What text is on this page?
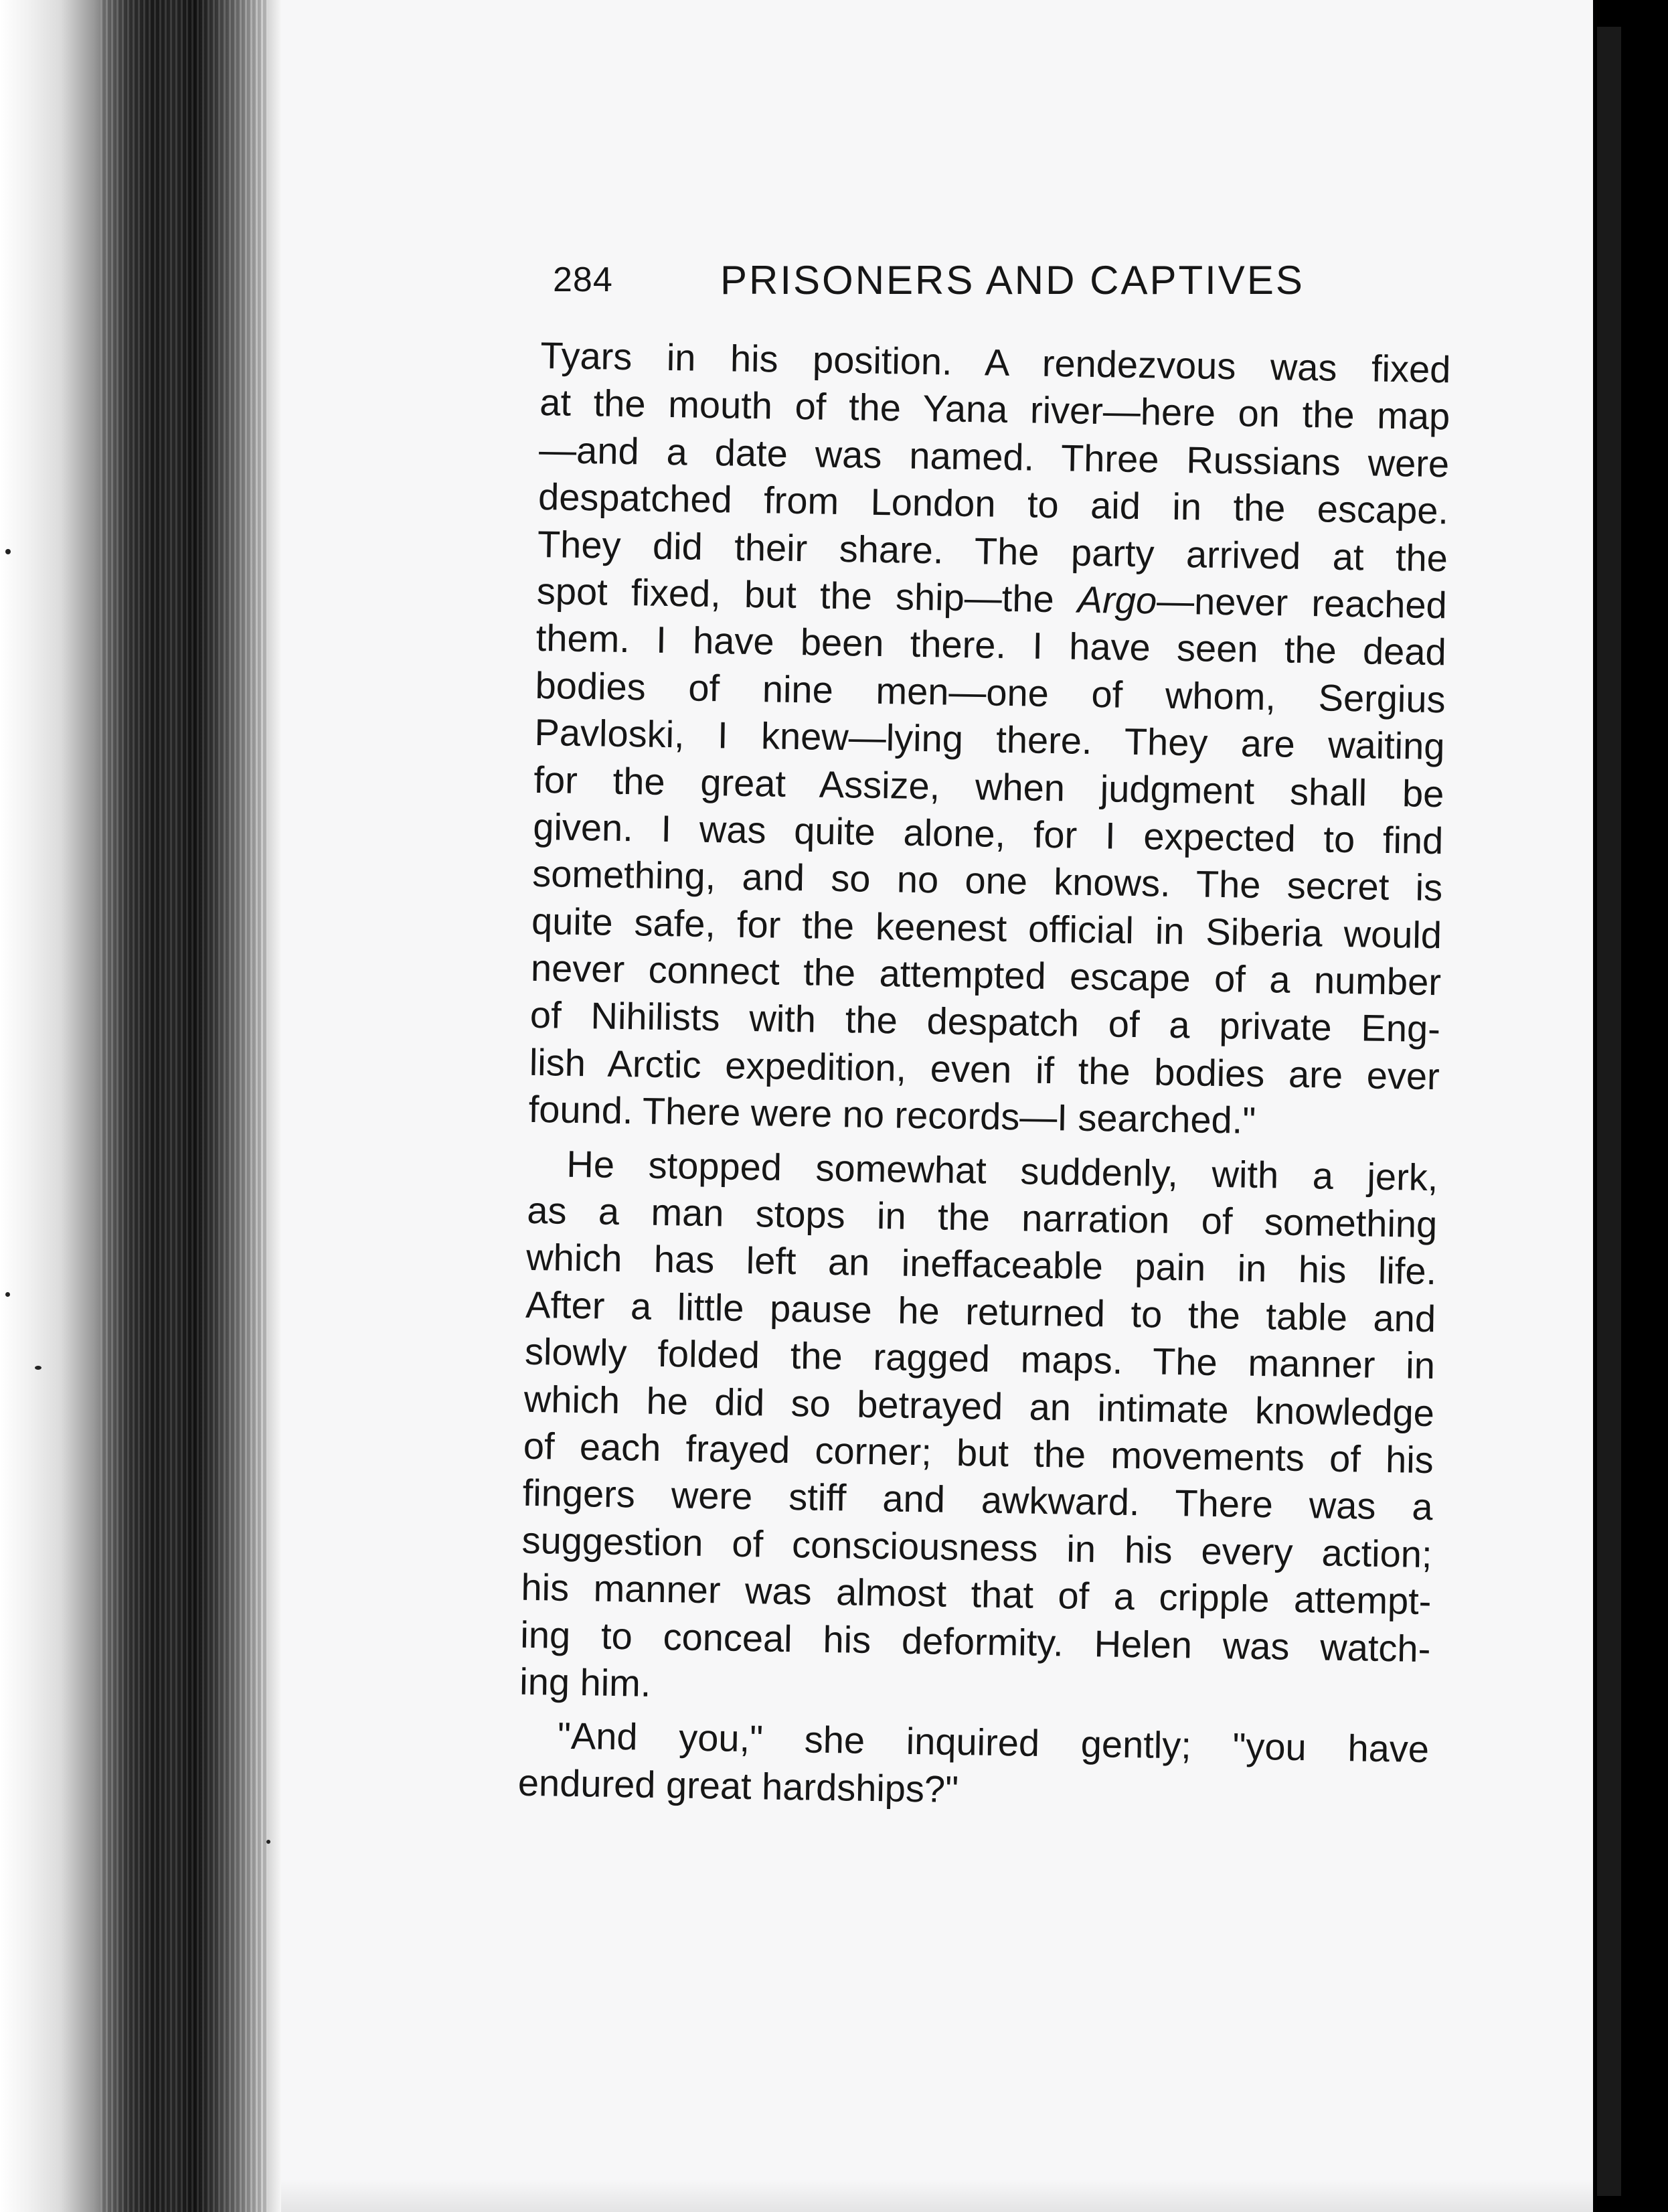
284	PRISONERS AND CAPTIVES
Tyars in his position. A rendezvous was fixed
at the mouth of the Yana river—here on the map
—and a date was named. Three Russians were
despatched from London to aid in the escape.
They did their share. The party arrived at the
spot fixed, but the ship—the Argo—never reached
them. I have been there. I have seen the dead
bodies of nine men—one of whom, Sergius
Pavloski, I knew—lying there. They are waiting
for the great Assize, when judgment shall be
given. I was quite alone, for I expected to find
something, and so no one knows. The secret is
quite safe, for the keenest official in Siberia would
never connect the attempted escape of a number
of Nihilists with the despatch of a private Eng-
lish Arctic expedition, even if the bodies are ever
found. There were no records—I searched."
He stopped somewhat suddenly, with a jerk,
as a man stops in the narration of something
which has left an ineffaceable pain in his life.
After a little pause he returned to the table and
slowly folded the ragged maps. The manner in
which he did so betrayed an intimate knowledge
of each frayed corner; but the movements of his
fingers were stiff and awkward. There was a
suggestion of consciousness in his every action;
his manner was almost that of a cripple attempt-
ing to conceal his deformity. Helen was watch-
ing him.
"And you," she inquired gently; "you have
endured great hardships?"
